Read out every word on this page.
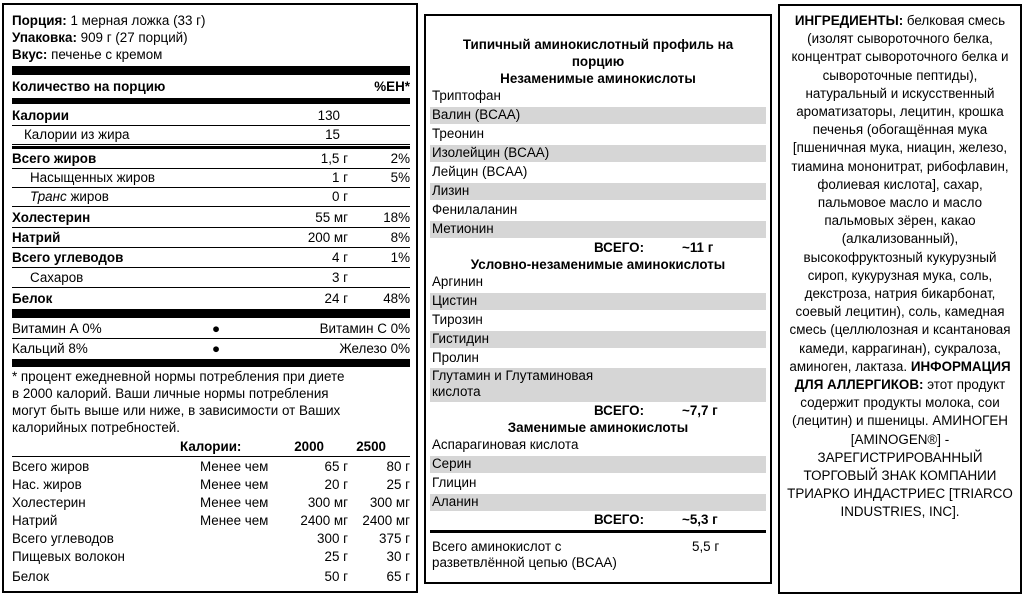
Порция: 1 мерная ложка (33 г)
Упаковка: 909 г (27 порций)
Вкус: печенье с кремом
Количество на порцию	%ЕН*
Калории	130
Калории из жира	15
Всего жиров	1,5 г	2%
Насыщенных жиров	1 г	5%
Транс жиров	0 г
Холестерин	55 мг	18%
Натрий	200 мг	8%
Всего углеводов	4 г	1%
Сахаров	3 г
Белок	24 г	48%
Витамин А 0%	●	Витамин С 0%
Кальций 8%	●	Железо 0%
* процент ежедневной нормы потребления при диете
в 2000 калорий. Ваши личные нормы потребления
могут быть выше или ниже, в зависимости от Ваших
калорийных потребностей.
Калории:	2000 2500
Всего жиров	Менее чем	65 г	80 г
Нас. жиров	Менее чем	20 г	25 г
Холестерин	Менее чем	300 мг 300 мг
Натрий	Менее чем 2400 мг 2400 мг
Всего углеводов	300 г 375 г
Пищевых волокон	25 г	30 г
Белок	50 г	65 г
Типичный аминокислотный профиль на
порцию
Незаменимые аминокислоты
Триптофан
Валин (BCAA)
Треонин
Изолейцин (BCAA)
Лейцин (BCAA)
Лизин
Фенилаланин
Метионин
ВСЕГО:	~11 г
Условно-незаменимые аминокислоты
Аргинин
Цистин
Тирозин
Гистидин
Пролин
Глутамин и Глутаминовая
кислота
ВСЕГО:	~7,7 г
Заменимые аминокислоты
Аспарагиновая кислота
Серин
Глицин
Аланин
ВСЕГО:	~5,3 г
Всего аминокислот с
разветвлённой цепью (BCAA)
5,5 г
ИНГРЕДИЕНТЫ: белковая смесь (изолят сывороточного белка, концентрат сывороточного белка и сывороточные пептиды), натуральный и искусственный ароматизаторы, лецитин, крошка печенья (обогащённая мука [пшеничная мука, ниацин, железо, тиамина мононитрат, рибофлавин, фолиевая кислота], сахар, пальмовое масло и масло пальмовых зёрен, какао (алкализованный), высокофруктозный кукурузный сироп, кукурузная мука, соль, декстроза, натрия бикарбонат, соевый лецитин), соль, камедная смесь (целлюлозная и ксантановая камеди, каррагинан), сукралоза, аминоген, лактаза. ИНФОРМАЦИЯ ДЛЯ АЛЛЕРГИКОВ: этот продукт содержит продукты молока, сои (лецитин) и пшеницы. АМИНОГЕН [AMINOGEN®] - ЗАРЕГИСТРИРОВАННЫЙ ТОРГОВЫЙ ЗНАК КОМПАНИИ ТРИАРКО ИНДАСТРИЕС [TRIARCO INDUSTRIES, INC].
